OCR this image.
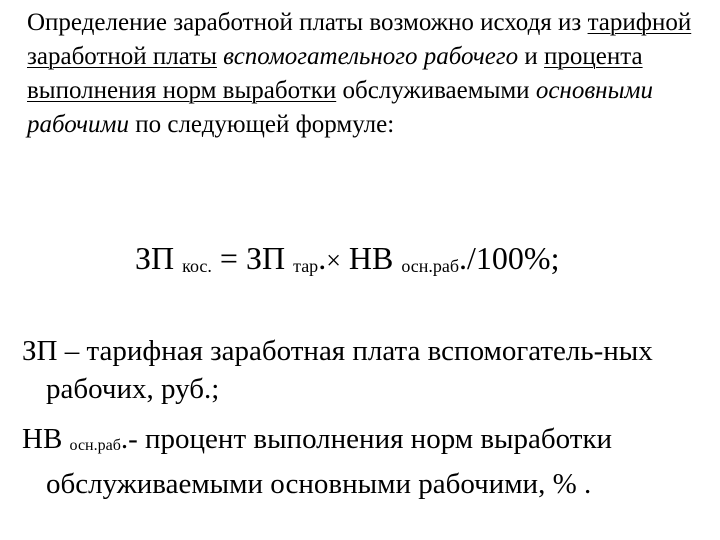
Определение заработной платы возможно исходя из тарифной заработной платы вспомогательного рабочего и процента выполнения норм выработки обслуживаемыми основными рабочими по следующей формуле:

ЗП кос. = ЗП тар.× НВ осн.раб./100%;
ЗП – тарифная заработная плата вспомогатель-ных рабочих, руб.;
НВ осн.раб.- процент выполнения норм выработки обслуживаемыми основными рабочими, % .
